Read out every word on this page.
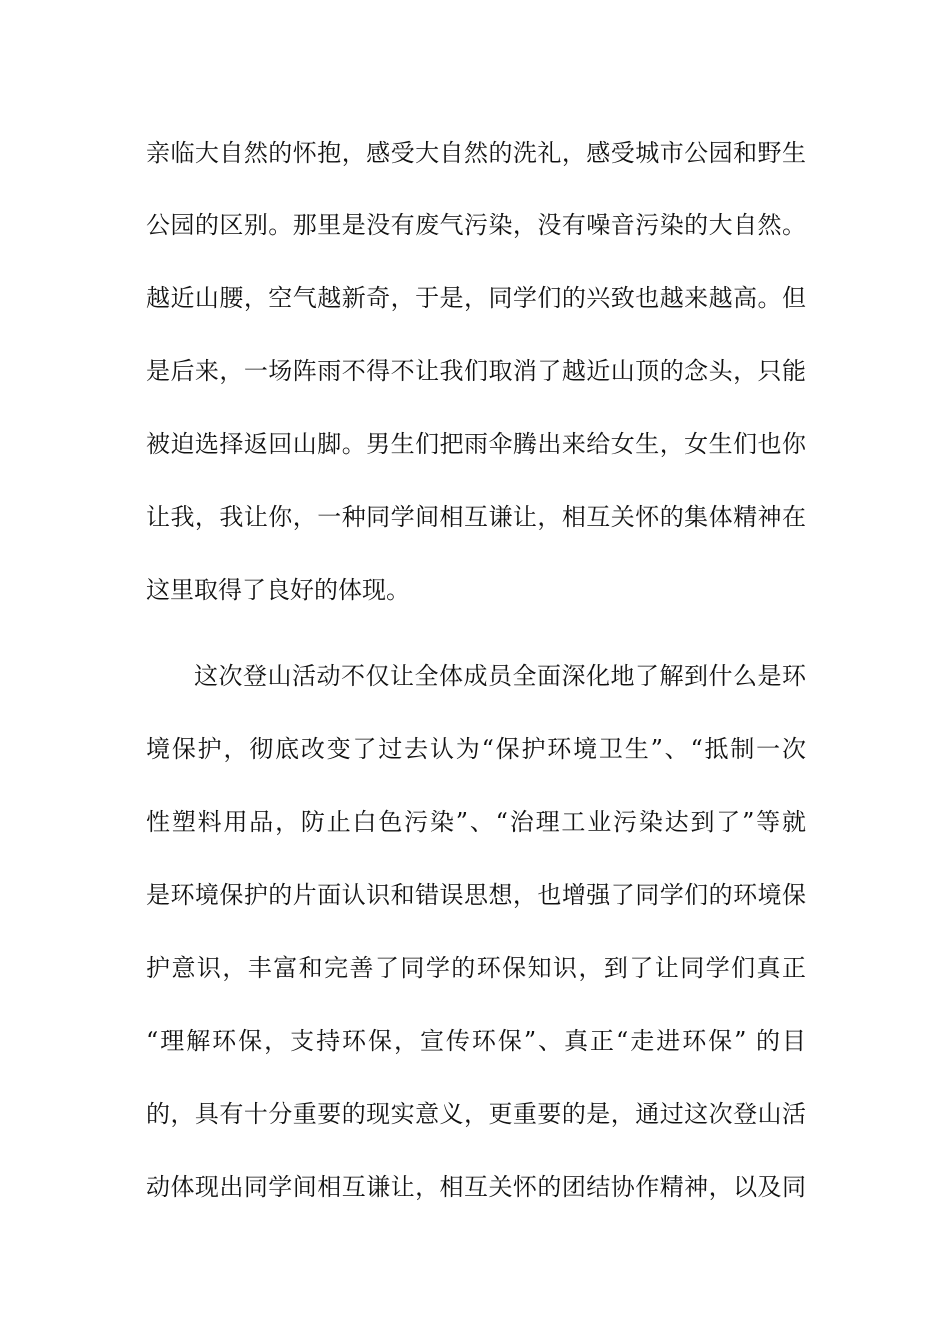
亲临大自然的怀抱，感受大自然的洗礼，感受城市公园和野生
公园的区别。那里是没有废气污染，没有噪音污染的大自然。
越近山腰，空气越新奇，于是，同学们的兴致也越来越高。但
是后来，一场阵雨不得不让我们取消了越近山顶的念头，只能
被迫选择返回山脚。男生们把雨伞腾出来给女生，女生们也你
让我，我让你，一种同学间相互谦让，相互关怀的集体精神在
这里取得了良好的体现。
这次登山活动不仅让全体成员全面深化地了解到什么是环
境保护，彻底改变了过去认为“保护环境卫生”、“抵制一次
性塑料用品，防止白色污染”、“治理工业污染达到了”等就
是环境保护的片面认识和错误思想，也增强了同学们的环境保
护意识，丰富和完善了同学的环保知识，到了让同学们真正
“理解环保，支持环保，宣传环保”、真正“走进环保” 的目
的，具有十分重要的现实意义，更重要的是，通过这次登山活
动体现出同学间相互谦让，相互关怀的团结协作精神，以及同
